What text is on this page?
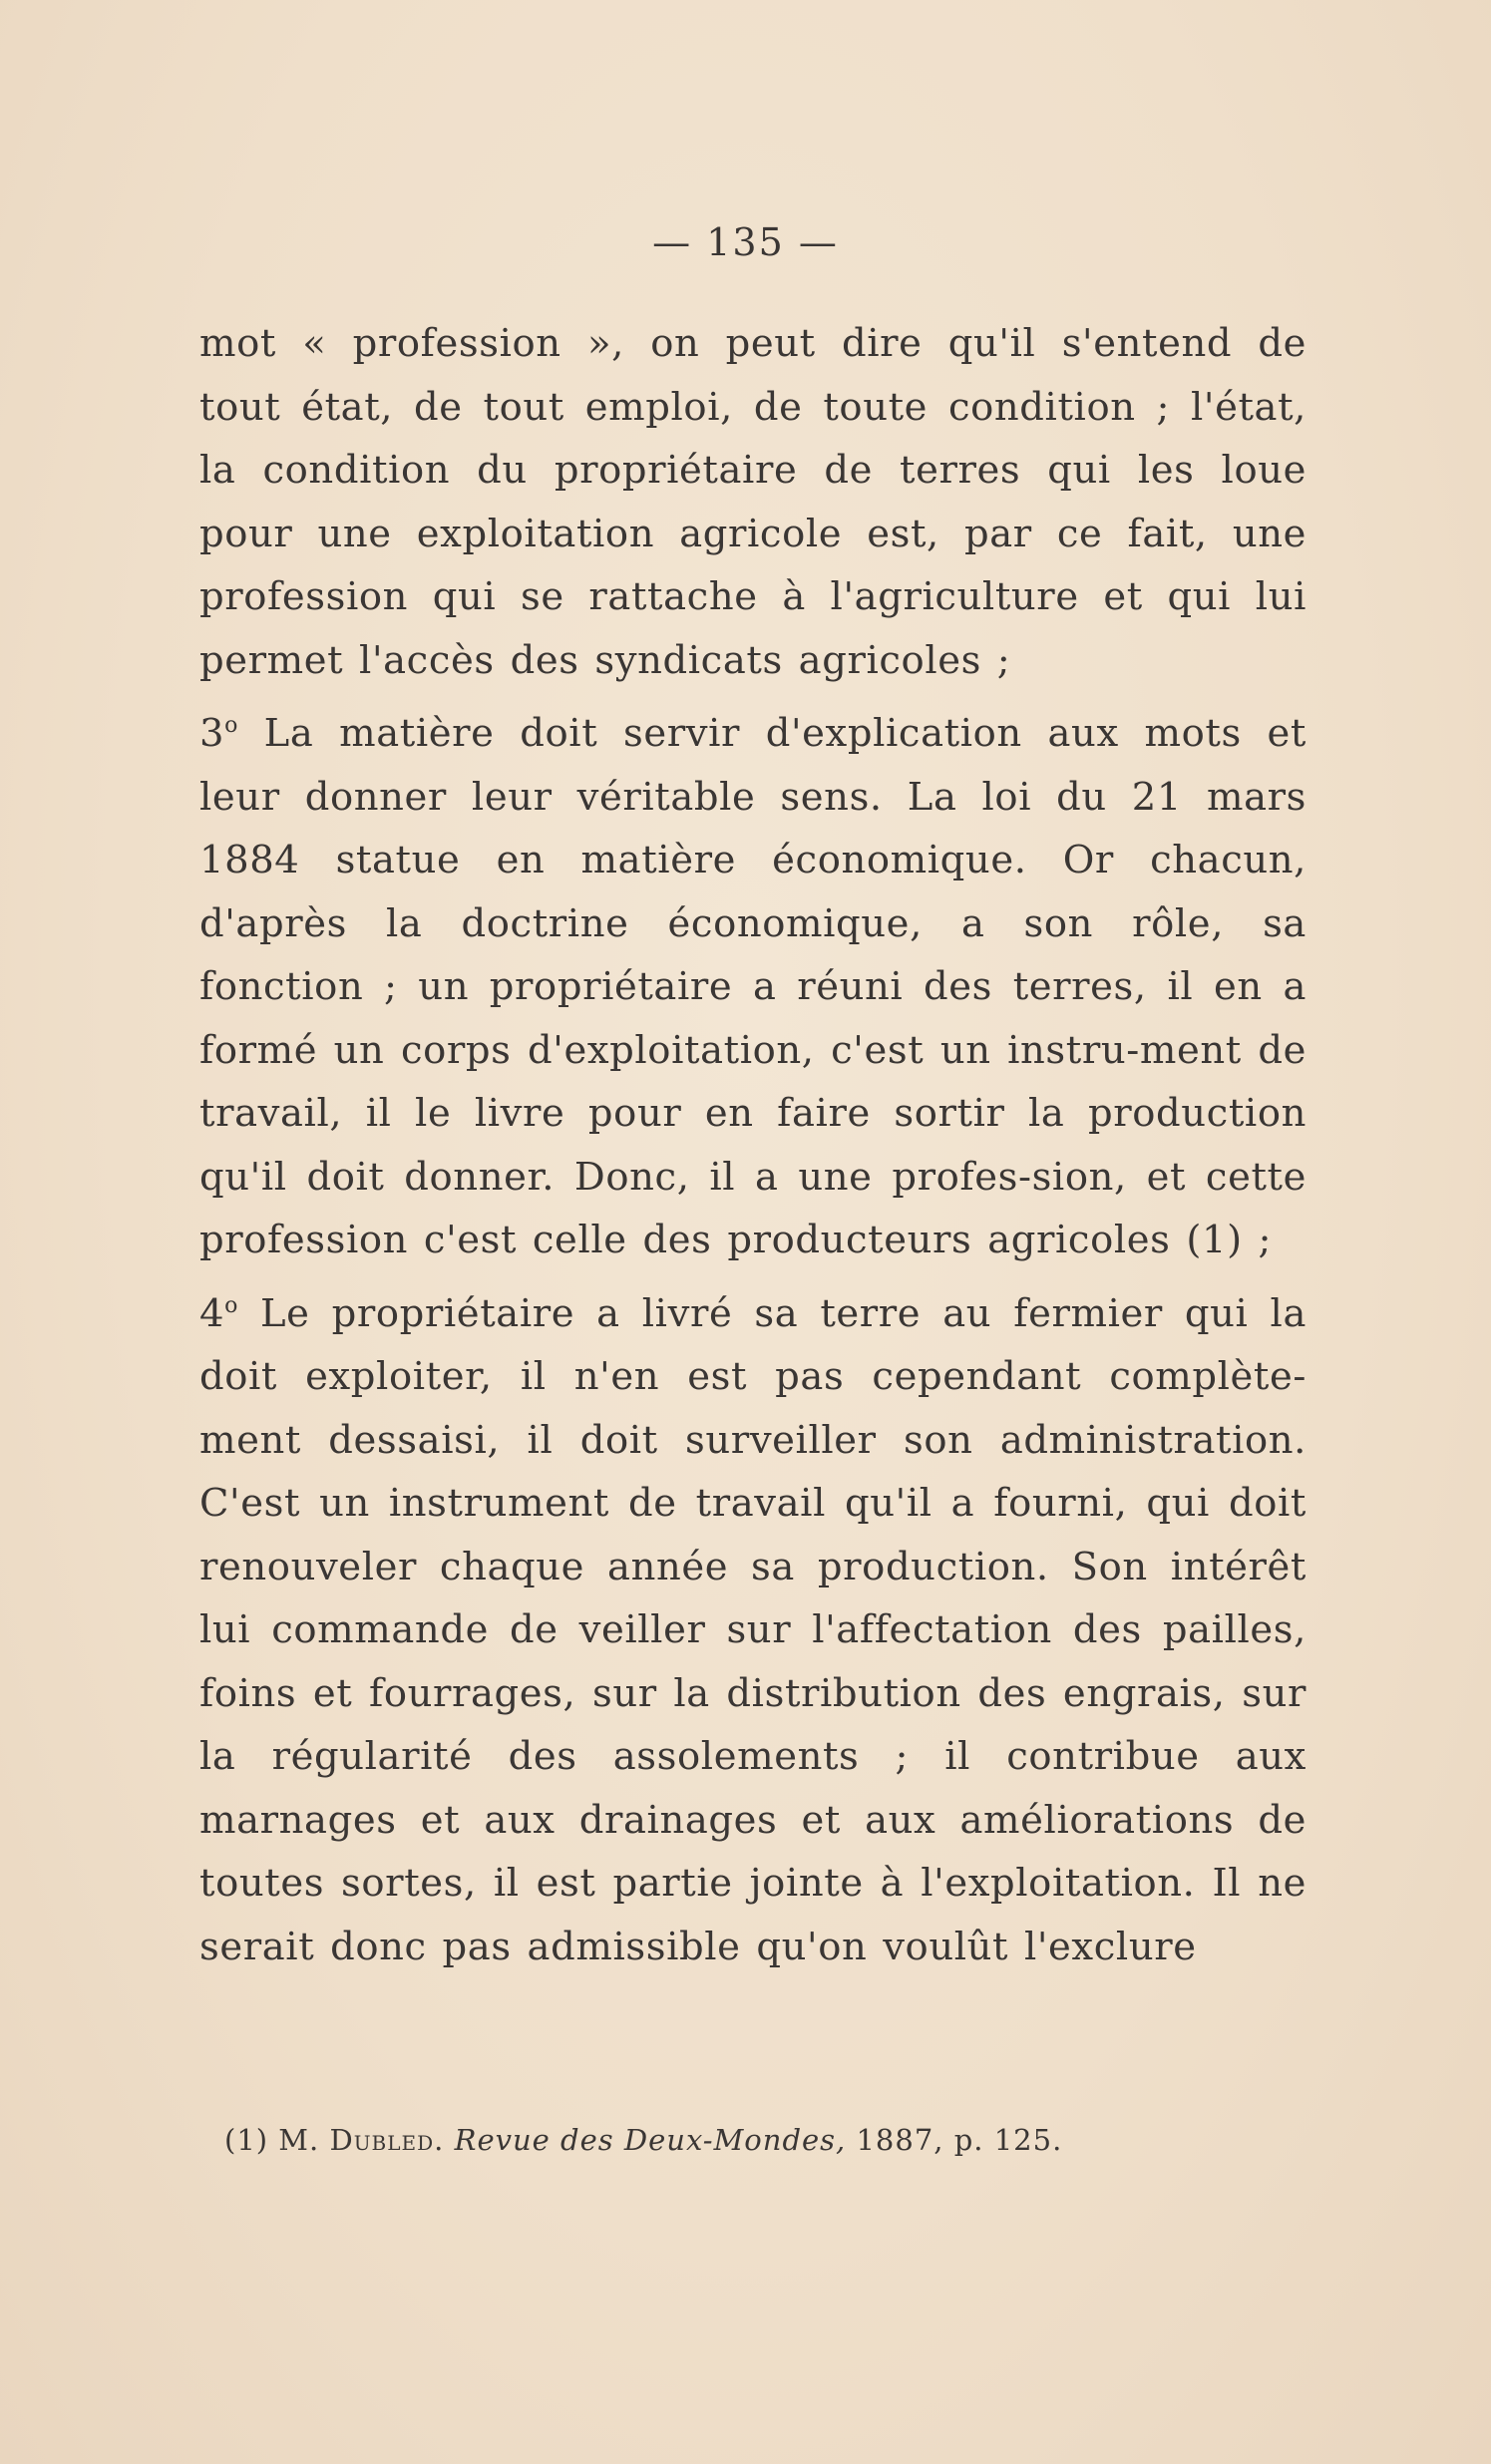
— 135 —

mot « profession », on peut dire qu'il s'entend de tout état, de tout emploi, de toute condition ; l'état, la condition du propriétaire de terres qui les loue pour une exploitation agricole est, par ce fait, une profession qui se rattache à l'agriculture et qui lui permet l'accès des syndicats agricoles ;

3$^o$ La matière doit servir d'explication aux mots et leur donner leur véritable sens. La loi du 21 mars 1884 statue en matière économique. Or chacun, d'après la doctrine économique, a son rôle, sa fonction ; un propriétaire a réuni des terres, il en a formé un corps d'exploitation, c'est un instru-ment de travail, il le livre pour en faire sortir la production qu'il doit donner. Donc, il a une profes-sion, et cette profession c'est celle des producteurs agricoles (1) ;

4$^o$ Le propriétaire a livré sa terre au fermier qui la doit exploiter, il n'en est pas cependant complète-ment dessaisi, il doit surveiller son administration. C'est un instrument de travail qu'il a fourni, qui doit renouveler chaque année sa production. Son intérêt lui commande de veiller sur l'affectation des pailles, foins et fourrages, sur la distribution des engrais, sur la régularité des assolements ; il contribue aux marnages et aux drainages et aux améliorations de toutes sortes, il est partie jointe à l'exploitation. Il ne serait donc pas admissible qu'on voulût l'exclure

(1) M. Dubled. Revue des Deux-Mondes, 1887, p. 125.
